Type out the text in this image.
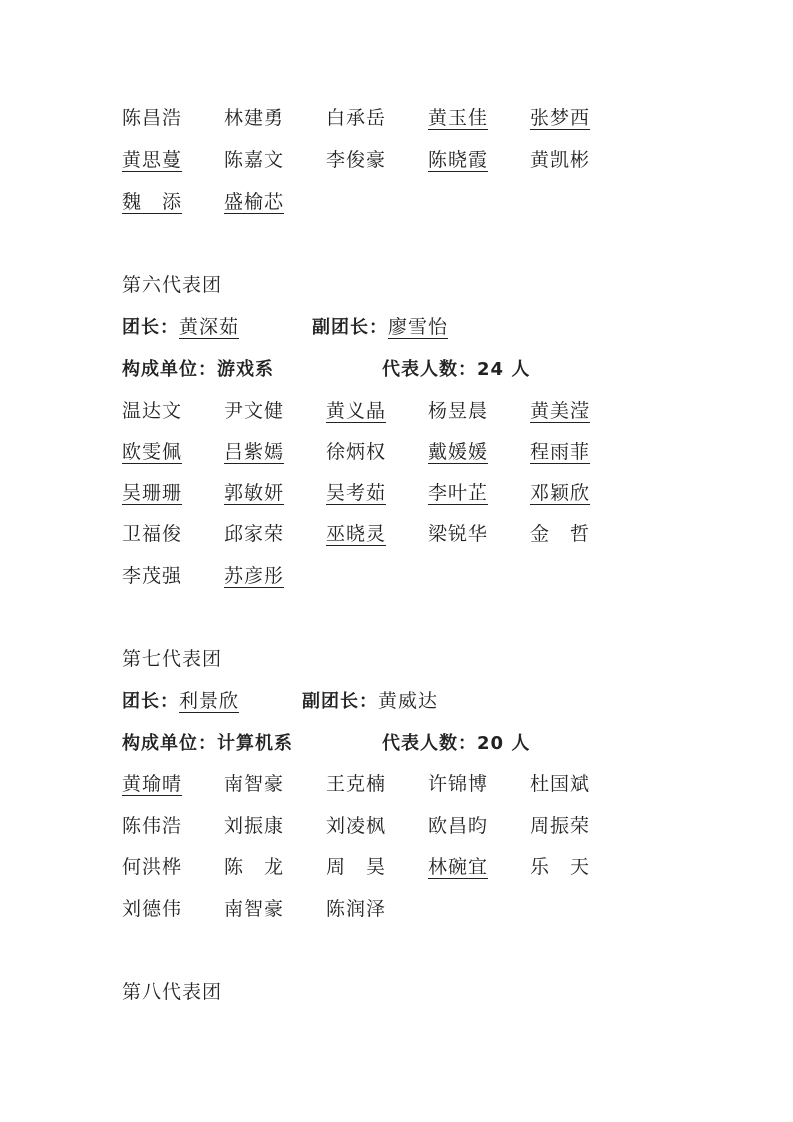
陈昌浩 林建勇 白承岳 黄玉佳 张梦西
黄思蔓 陈嘉文 李俊豪 陈晓霞 黄凯彬
魏　添 盛榆芯
第六代表团
团长：黄深茹	副团长：廖雪怡
构成单位：游戏系	代表人数：24 人
温达文 尹文健 黄义晶 杨昱晨 黄美滢
欧雯佩 吕紫嫣 徐炳权 戴媛媛 程雨菲
吴珊珊 郭敏妍 吴考茹 李叶芷 邓颖欣
卫福俊 邱家荣 巫晓灵 梁锐华 金　哲
李茂强 苏彦彤
第七代表团
团长：利景欣	副团长：黄威达
构成单位：计算机系	代表人数：20 人
黄瑜晴 南智豪 王克楠 许锦博 杜国斌
陈伟浩 刘振康 刘凌枫 欧昌昀 周振荣
何洪桦 陈　龙 周　昊 林碗宜 乐　天
刘德伟 南智豪 陈润泽
第八代表团
